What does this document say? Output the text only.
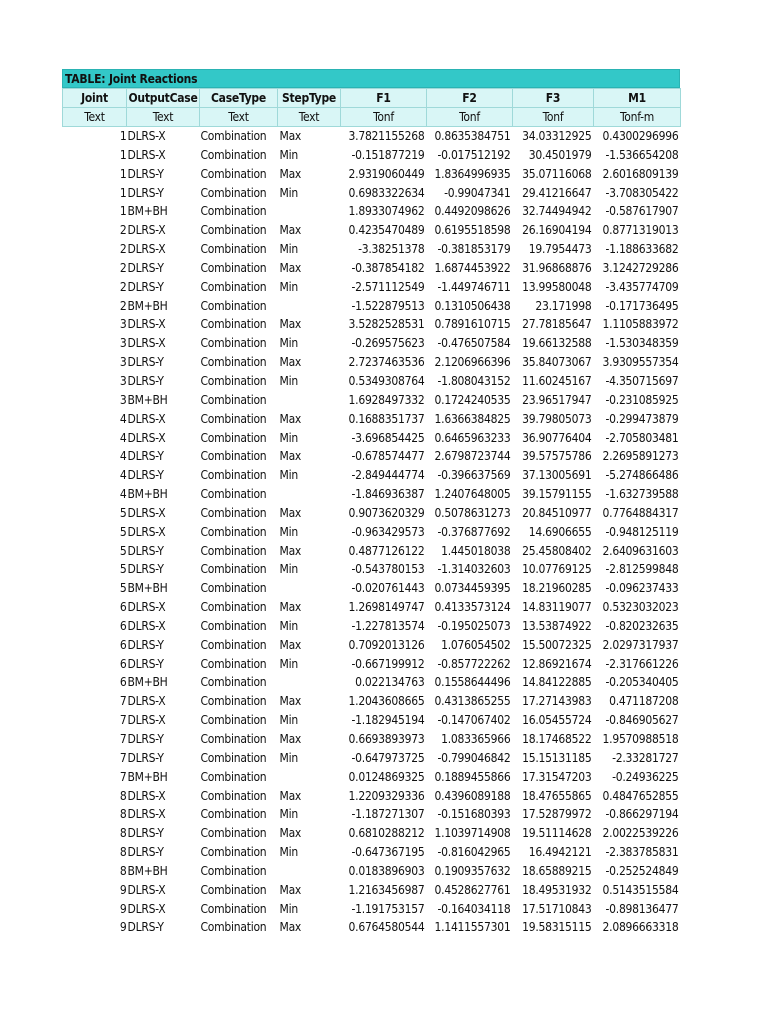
TABLE: Joint Reactions
Joint	OutputCase	CaseType	StepType	F1	F2	F3	M1
Text	Text	Text	Text	Tonf	Tonf	Tonf	Tonf-m
1	DLRS-X	Combination	Max	3.7821155268	0.8635384751	34.03312925	0.4300296996
1	DLRS-X	Combination	Min	-0.151877219	-0.017512192	30.4501979	-1.536654208
1	DLRS-Y	Combination	Max	2.9319060449	1.8364996935	35.07116068	2.6016809139
1	DLRS-Y	Combination	Min	0.6983322634	-0.99047341	29.41216647	-3.708305422
1	BM+BH	Combination		1.8933074962	0.4492098626	32.74494942	-0.587617907
2	DLRS-X	Combination	Max	0.4235470489	0.6195518598	26.16904194	0.8771319013
2	DLRS-X	Combination	Min	-3.38251378	-0.381853179	19.7954473	-1.188633682
2	DLRS-Y	Combination	Max	-0.387854182	1.6874453922	31.96868876	3.1242729286
2	DLRS-Y	Combination	Min	-2.571112549	-1.449746711	13.99580048	-3.435774709
2	BM+BH	Combination		-1.522879513	0.1310506438	23.171998	-0.171736495
3	DLRS-X	Combination	Max	3.5282528531	0.7891610715	27.78185647	1.1105883972
3	DLRS-X	Combination	Min	-0.269575623	-0.476507584	19.66132588	-1.530348359
3	DLRS-Y	Combination	Max	2.7237463536	2.1206966396	35.84073067	3.9309557354
3	DLRS-Y	Combination	Min	0.5349308764	-1.808043152	11.60245167	-4.350715697
3	BM+BH	Combination		1.6928497332	0.1724240535	23.96517947	-0.231085925
4	DLRS-X	Combination	Max	0.1688351737	1.6366384825	39.79805073	-0.299473879
4	DLRS-X	Combination	Min	-3.696854425	0.6465963233	36.90776404	-2.705803481
4	DLRS-Y	Combination	Max	-0.678574477	2.6798723744	39.57575786	2.2695891273
4	DLRS-Y	Combination	Min	-2.849444774	-0.396637569	37.13005691	-5.274866486
4	BM+BH	Combination		-1.846936387	1.2407648005	39.15791155	-1.632739588
5	DLRS-X	Combination	Max	0.9073620329	0.5078631273	20.84510977	0.7764884317
5	DLRS-X	Combination	Min	-0.963429573	-0.376877692	14.6906655	-0.948125119
5	DLRS-Y	Combination	Max	0.4877126122	1.445018038	25.45808402	2.6409631603
5	DLRS-Y	Combination	Min	-0.543780153	-1.314032603	10.07769125	-2.812599848
5	BM+BH	Combination		-0.020761443	0.0734459395	18.21960285	-0.096237433
6	DLRS-X	Combination	Max	1.2698149747	0.4133573124	14.83119077	0.5323032023
6	DLRS-X	Combination	Min	-1.227813574	-0.195025073	13.53874922	-0.820232635
6	DLRS-Y	Combination	Max	0.7092013126	1.076054502	15.50072325	2.0297317937
6	DLRS-Y	Combination	Min	-0.667199912	-0.857722262	12.86921674	-2.317661226
6	BM+BH	Combination		0.022134763	0.1558644496	14.84122885	-0.205340405
7	DLRS-X	Combination	Max	1.2043608665	0.4313865255	17.27143983	0.471187208
7	DLRS-X	Combination	Min	-1.182945194	-0.147067402	16.05455724	-0.846905627
7	DLRS-Y	Combination	Max	0.6693893973	1.083365966	18.17468522	1.9570988518
7	DLRS-Y	Combination	Min	-0.647973725	-0.799046842	15.15131185	-2.33281727
7	BM+BH	Combination		0.0124869325	0.1889455866	17.31547203	-0.24936225
8	DLRS-X	Combination	Max	1.2209329336	0.4396089188	18.47655865	0.4847652855
8	DLRS-X	Combination	Min	-1.187271307	-0.151680393	17.52879972	-0.866297194
8	DLRS-Y	Combination	Max	0.6810288212	1.1039714908	19.51114628	2.0022539226
8	DLRS-Y	Combination	Min	-0.647367195	-0.816042965	16.4942121	-2.383785831
8	BM+BH	Combination		0.0183896903	0.1909357632	18.65889215	-0.252524849
9	DLRS-X	Combination	Max	1.2163456987	0.4528627761	18.49531932	0.5143515584
9	DLRS-X	Combination	Min	-1.191753157	-0.164034118	17.51710843	-0.898136477
9	DLRS-Y	Combination	Max	0.6764580544	1.1411557301	19.58315115	2.0896663318
